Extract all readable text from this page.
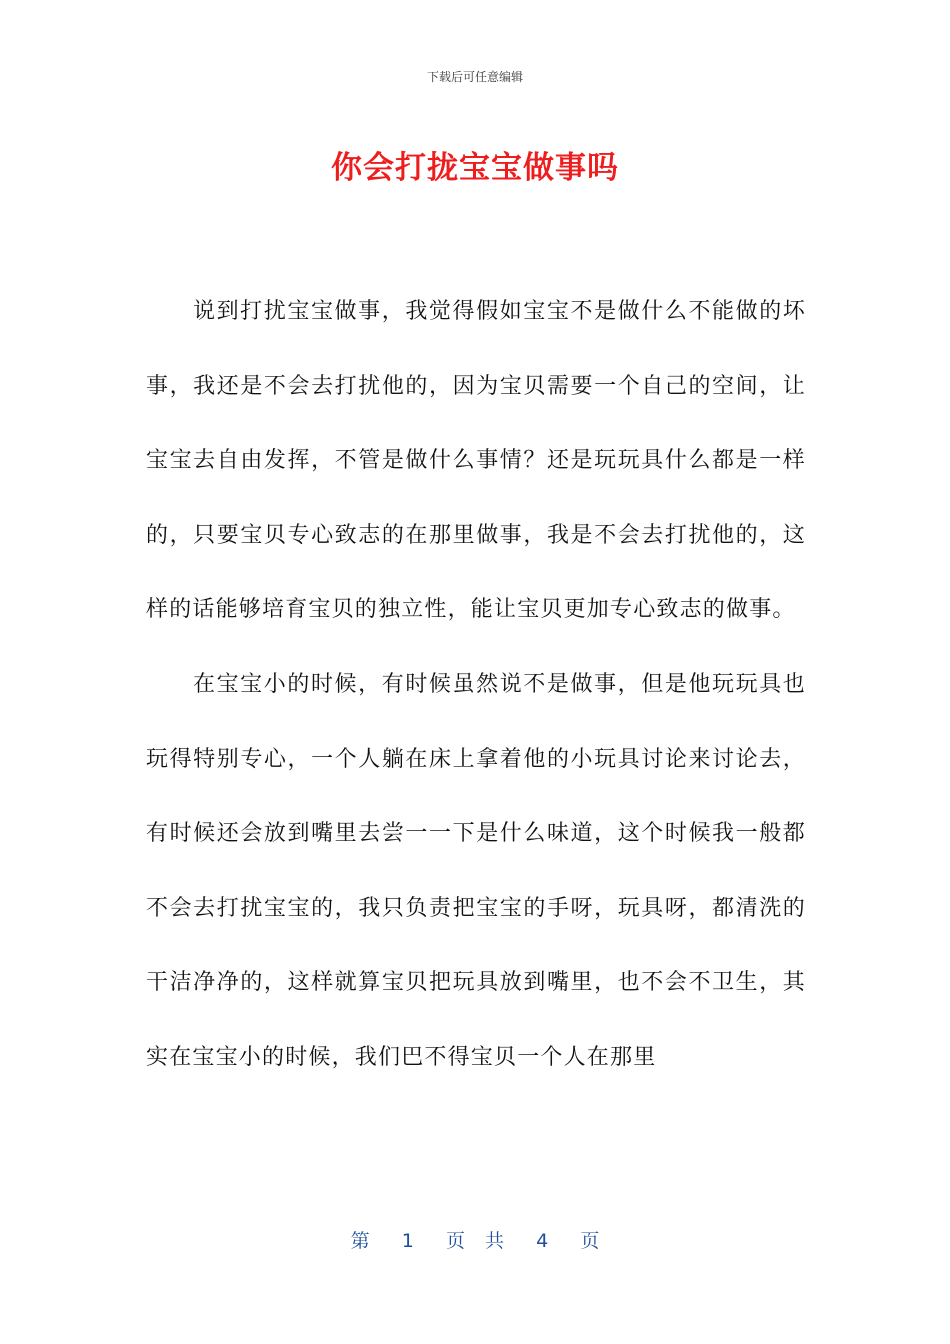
下载后可任意编辑
你会打拢宝宝做事吗

说到打扰宝宝做事，我觉得假如宝宝不是做什么不能做的坏事，我还是不会去打扰他的，因为宝贝需要一个自己的空间，让宝宝去自由发挥，不管是做什么事情？还是玩玩具什么都是一样的，只要宝贝专心致志的在那里做事，我是不会去打扰他的，这样的话能够培育宝贝的独立性，能让宝贝更加专心致志的做事。

在宝宝小的时候，有时候虽然说不是做事，但是他玩玩具也玩得特别专心，一个人躺在床上拿着他的小玩具讨论来讨论去，有时候还会放到嘴里去尝一一下是什么味道，这个时候我一般都不会去打扰宝宝的，我只负责把宝宝的手呀，玩具呀，都清洗的干洁净净的，这样就算宝贝把玩具放到嘴里，也不会不卫生，其实在宝宝小的时候，我们巴不得宝贝一个人在那里

第 1 页 共 4 页
